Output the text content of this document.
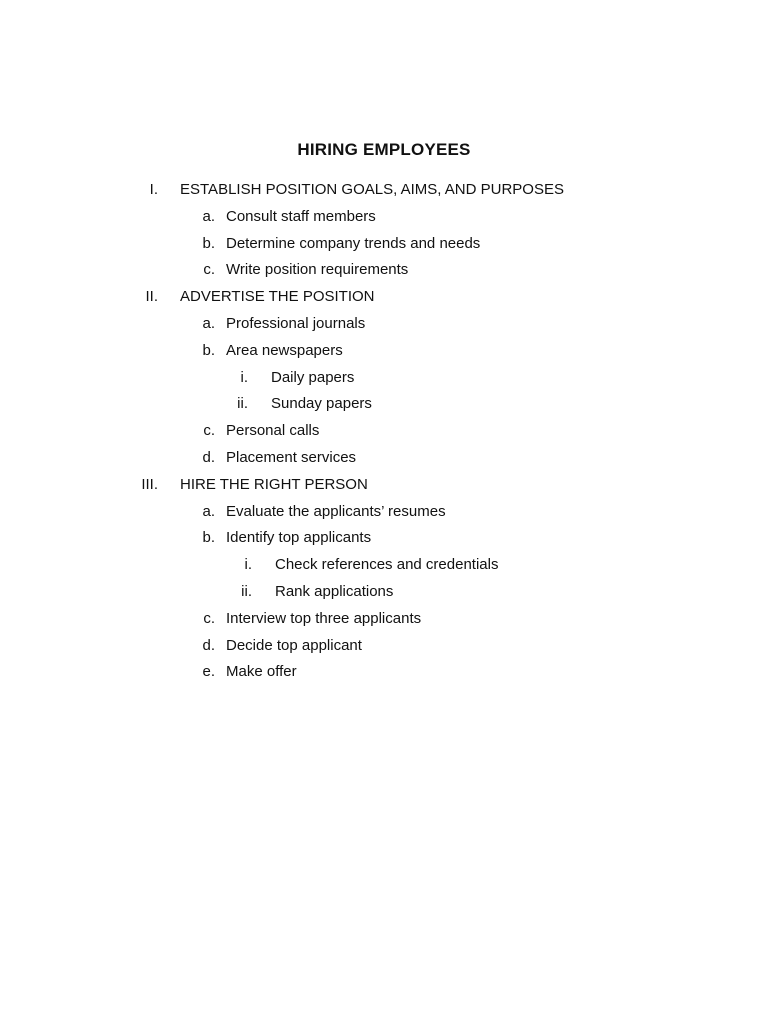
HIRING EMPLOYEES
I. ESTABLISH POSITION GOALS, AIMS, AND PURPOSES
a. Consult staff members
b. Determine company trends and needs
c. Write position requirements
II. ADVERTISE THE POSITION
a. Professional journals
b. Area newspapers
i. Daily papers
ii. Sunday papers
c. Personal calls
d. Placement services
III. HIRE THE RIGHT PERSON
a. Evaluate the applicants’ resumes
b. Identify top applicants
i. Check references and credentials
ii. Rank applications
c. Interview top three applicants
d. Decide top applicant
e. Make offer
